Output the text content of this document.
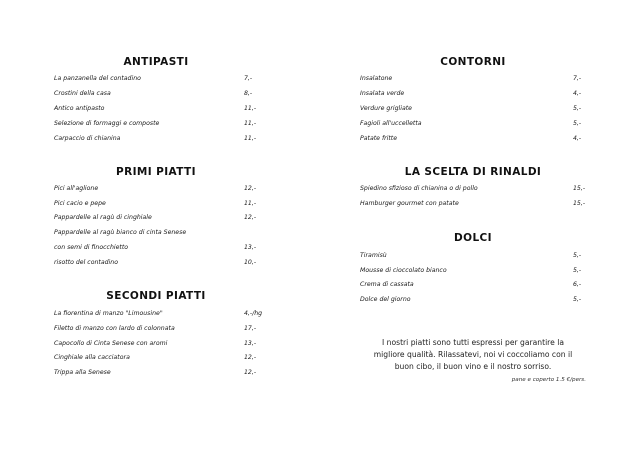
ANTIPASTI
La panzanella del contadino	7,-
Crostini della casa	8,-
Antico antipasto	11,-
Selezione di formaggi e composte	11,-
Carpaccio di chianina	11,-
PRIMI PIATTI
Pici all'aglione	12,-
Pici cacio e pepe	11,-
Pappardelle al ragù di cinghiale	12,-
Pappardelle al ragù bianco di cinta Senese
con semi di finocchietto	13,-
risotto del contadino	10,-
SECONDI PIATTI
La fiorentina di manzo "Limousine"	4,-/hg
Filetto di manzo con lardo di colonnata	17,-
Capocollo di Cinta Senese con aromi	13,-
Cinghiale alla cacciatora	12,-
Trippa alla Senese	12,-
CONTORNI
Insalatone	7,-
Insalata verde	4,-
Verdure grigliate	5,-
Fagioli all'uccelletta	5,-
Patate fritte	4,-
LA SCELTA DI RINALDI
Spiedino sfizioso di chianina o di pollo	15,-
Hamburger gourmet con patate	15,-
DOLCI
Tiramisù	5,-
Mousse di cioccolato bianco	5,-
Crema di cassata	6,-
Dolce del giorno	5,-
I nostri piatti sono tutti espressi per garantire la
migliore qualità. Rilassatevi, noi vi coccoliamo con il
buon cibo, il buon vino e il nostro sorriso.
pane e coperto 1.5 €/pers.
